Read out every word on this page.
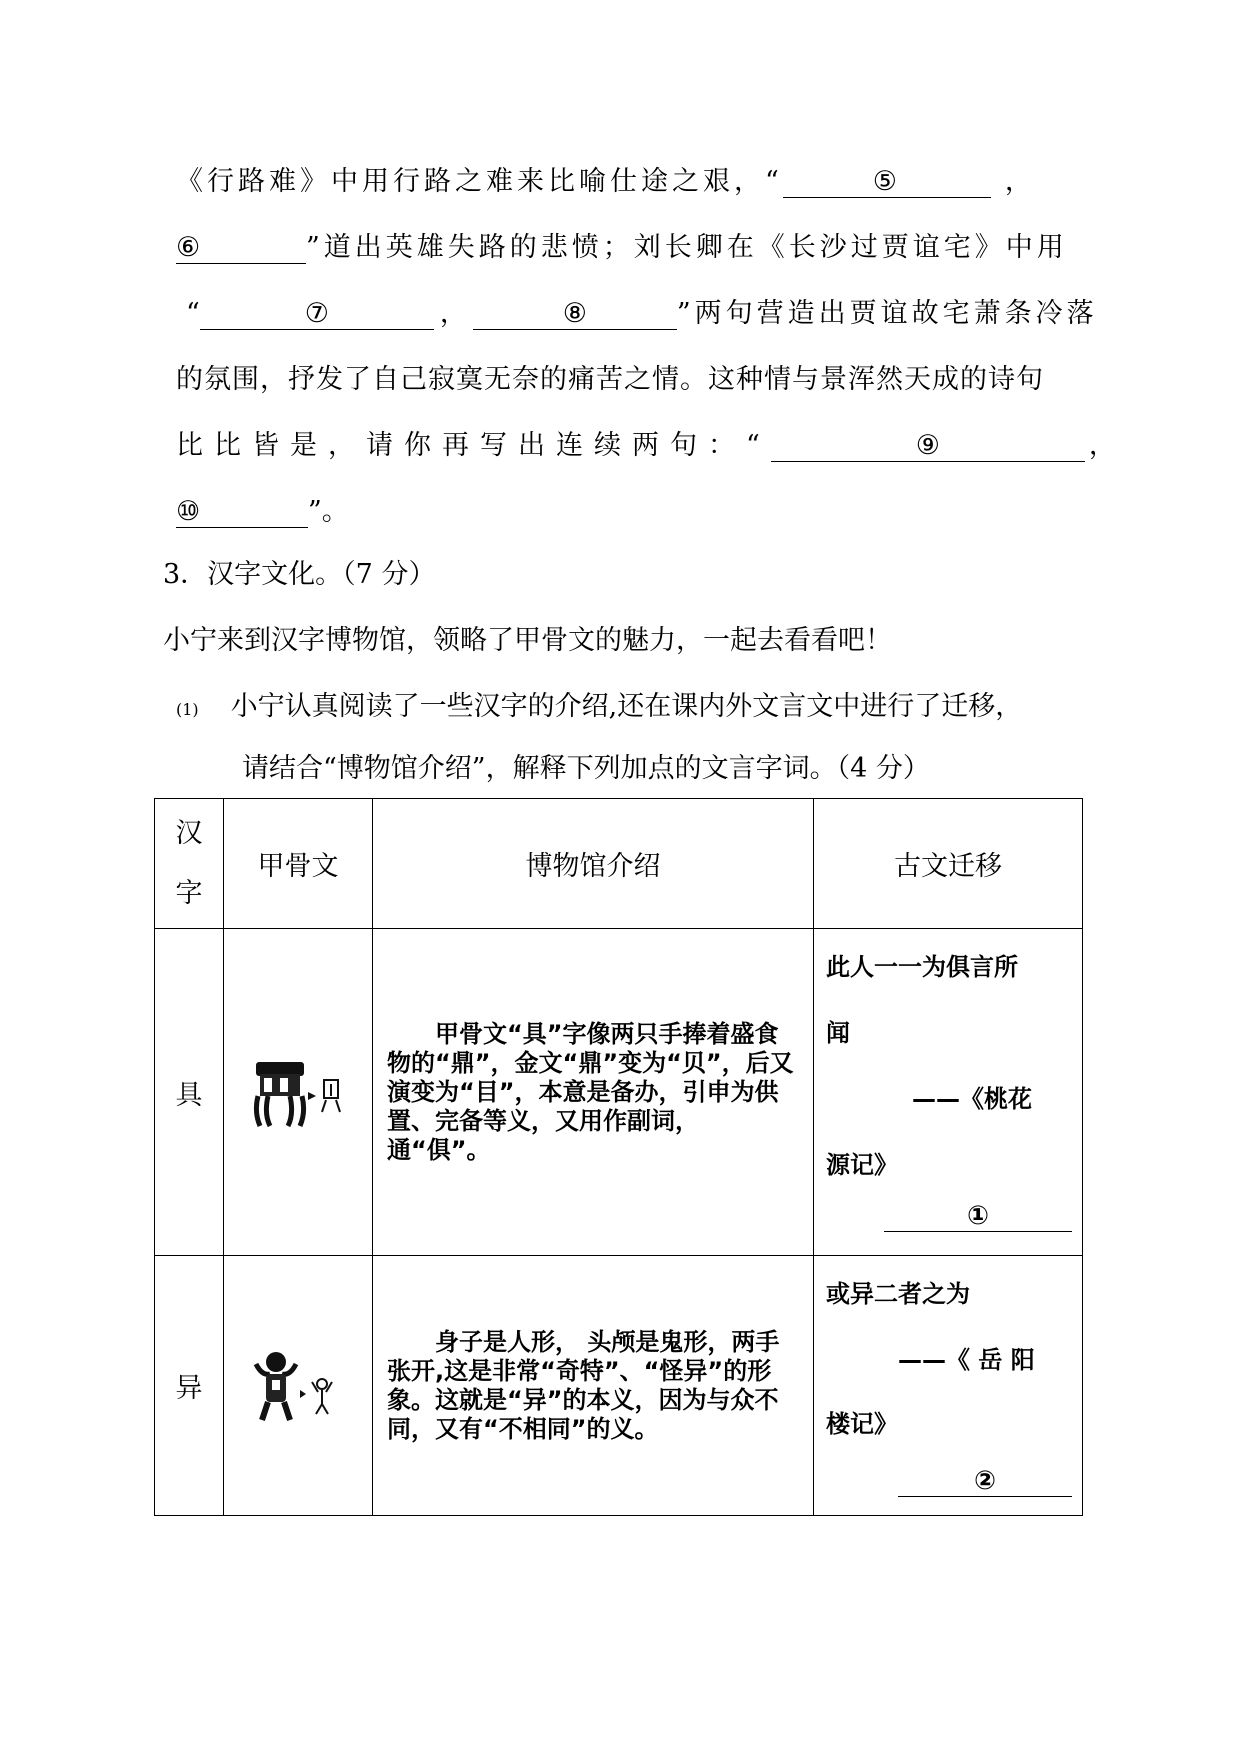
《行路难》中用行路之难来比喻仕途之艰，“	⑤	，
⑥	”道出英雄失路的悲愤；刘长卿在《长沙过贾谊宅》中用
“	⑦	，	⑧	”两句营造出贾谊故宅萧条冷落
的氛围，抒发了自己寂寞无奈的痛苦之情。这种情与景浑然天成的诗句
比比皆是，请你再写出连续两句：“	⑨	，
⑩	”。
3．汉字文化。（7 分）
小宁来到汉字博物馆，领略了甲骨文的魅力，一起去看看吧！
(1) 小宁认真阅读了一些汉字的介绍,还在课内外文言文中进行了迁移，
请结合“博物馆介绍”，解释下列加点的文言字词。（4 分）
汉
字	甲骨文	博物馆介绍	古文迁移
具		甲骨文“具”字像两只手捧着盛食物的“鼎”，金文“鼎”变为“贝”，后又演变为“目”，本意是备办，引申为供置、完备等义，又用作副词，通“俱”。	此人一一为俱言所
闻
——《桃花
源记》
①

异		身子是人形， 头颅是鬼形，两手张开,这是非常“奇特”、“怪异”的形象。这就是“异”的本义，因为与众不同，又有“不相同”的义。	或异二者之为
——《 岳 阳
楼记》
②
